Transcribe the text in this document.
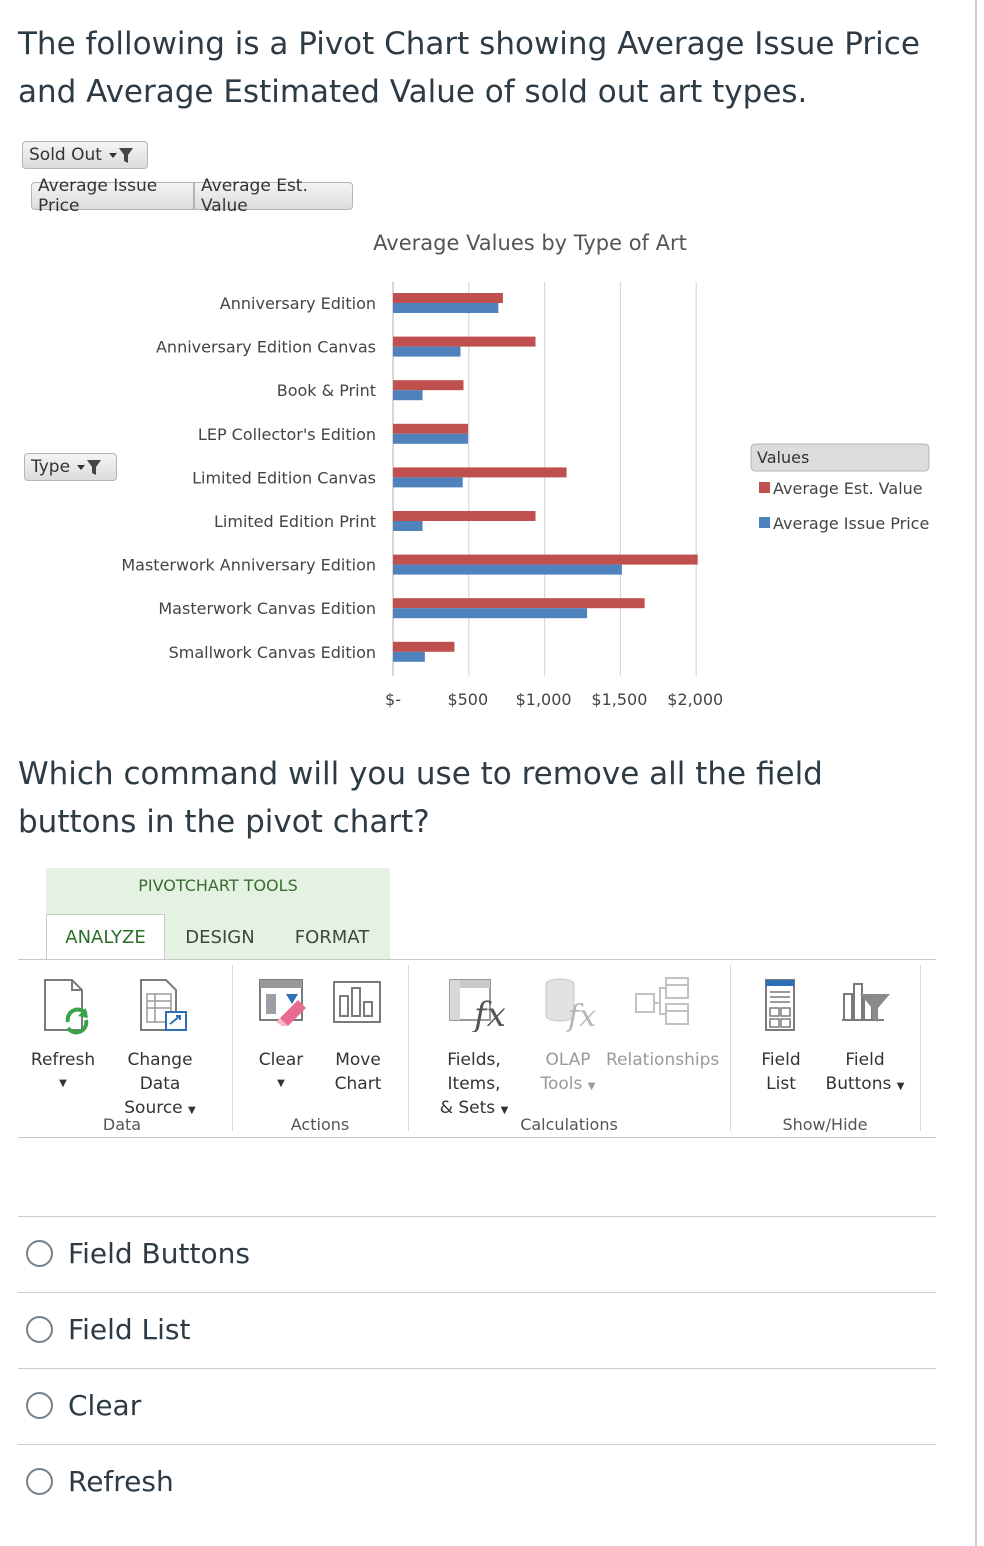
The following is a Pivot Chart showing Average Issue Price and Average Estimated Value of sold out art types.
Sold Out
Average Issue Price
Average Est. Value
Type
Average Values by Type of Art
Anniversary Edition
Anniversary Edition Canvas
Book & Print
LEP Collector's Edition
Limited Edition Canvas
Limited Edition Print
Masterwork Anniversary Edition
Masterwork Canvas Edition
Smallwork Canvas Edition
$-	$500 $1,000 $1,500 $2,000
Values
Average Est. Value
Average Issue Price
Which command will you use to remove all the field buttons in the pivot chart?
PIVOTCHART TOOLS
ANALYZE	DESIGN	FORMAT
Refresh
▼
Change Data
Source ▼
Data
Clear
▼
Move
Chart
Actions
fx
Fields, Items,
& Sets ▼
fx
OLAP
Tools ▼
Relationships
Calculations
Field
List
Field
Buttons ▼
Show/Hide
Field Buttons
Field List
Clear
Refresh
